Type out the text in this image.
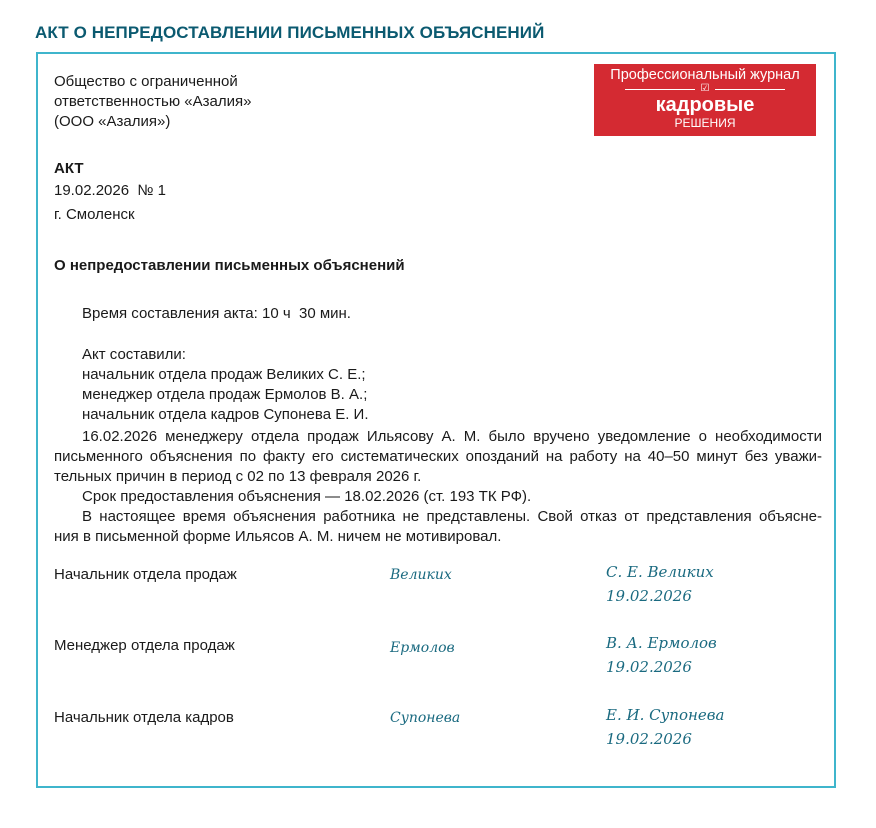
АКТ О НЕПРЕДОСТАВЛЕНИИ ПИСЬМЕННЫХ ОБЪЯСНЕНИЙ
Общество с ограниченной
ответственностью «Азалия»
(ООО «Азалия»)
Профессиональный журнал
☑
кадровые
РЕШЕНИЯ
АКТ
19.02.2026  № 1
г. Смоленск
О непредоставлении письменных объяснений
Время составления акта: 10 ч  30 мин.
Акт составили:
начальник отдела продаж Великих С. Е.;
менеджер отдела продаж Ермолов В. А.;
начальник отдела кадров Супонева Е. И.
16.02.2026 менеджеру отдела продаж Ильясову А. М. было вручено уведомление о необходимости
письменного объяснения по факту его систематических опозданий на работу на 40–50 минут без уважи-
тельных причин в период с 02 по 13 февраля 2026 г.
Срок предоставления объяснения — 18.02.2026 (ст. 193 ТК РФ).
В настоящее время объяснения работника не представлены. Свой отказ от представления объясне-
ния в письменной форме Ильясов А. М. ничем не мотивировал.
Начальник отдела продаж	Великих	С. Е. Великих
19.02.2026
Менеджер отдела продаж	Ермолов	В. А. Ермолов
19.02.2026
Начальник отдела кадров	Супонева	Е. И. Супонева
19.02.2026
